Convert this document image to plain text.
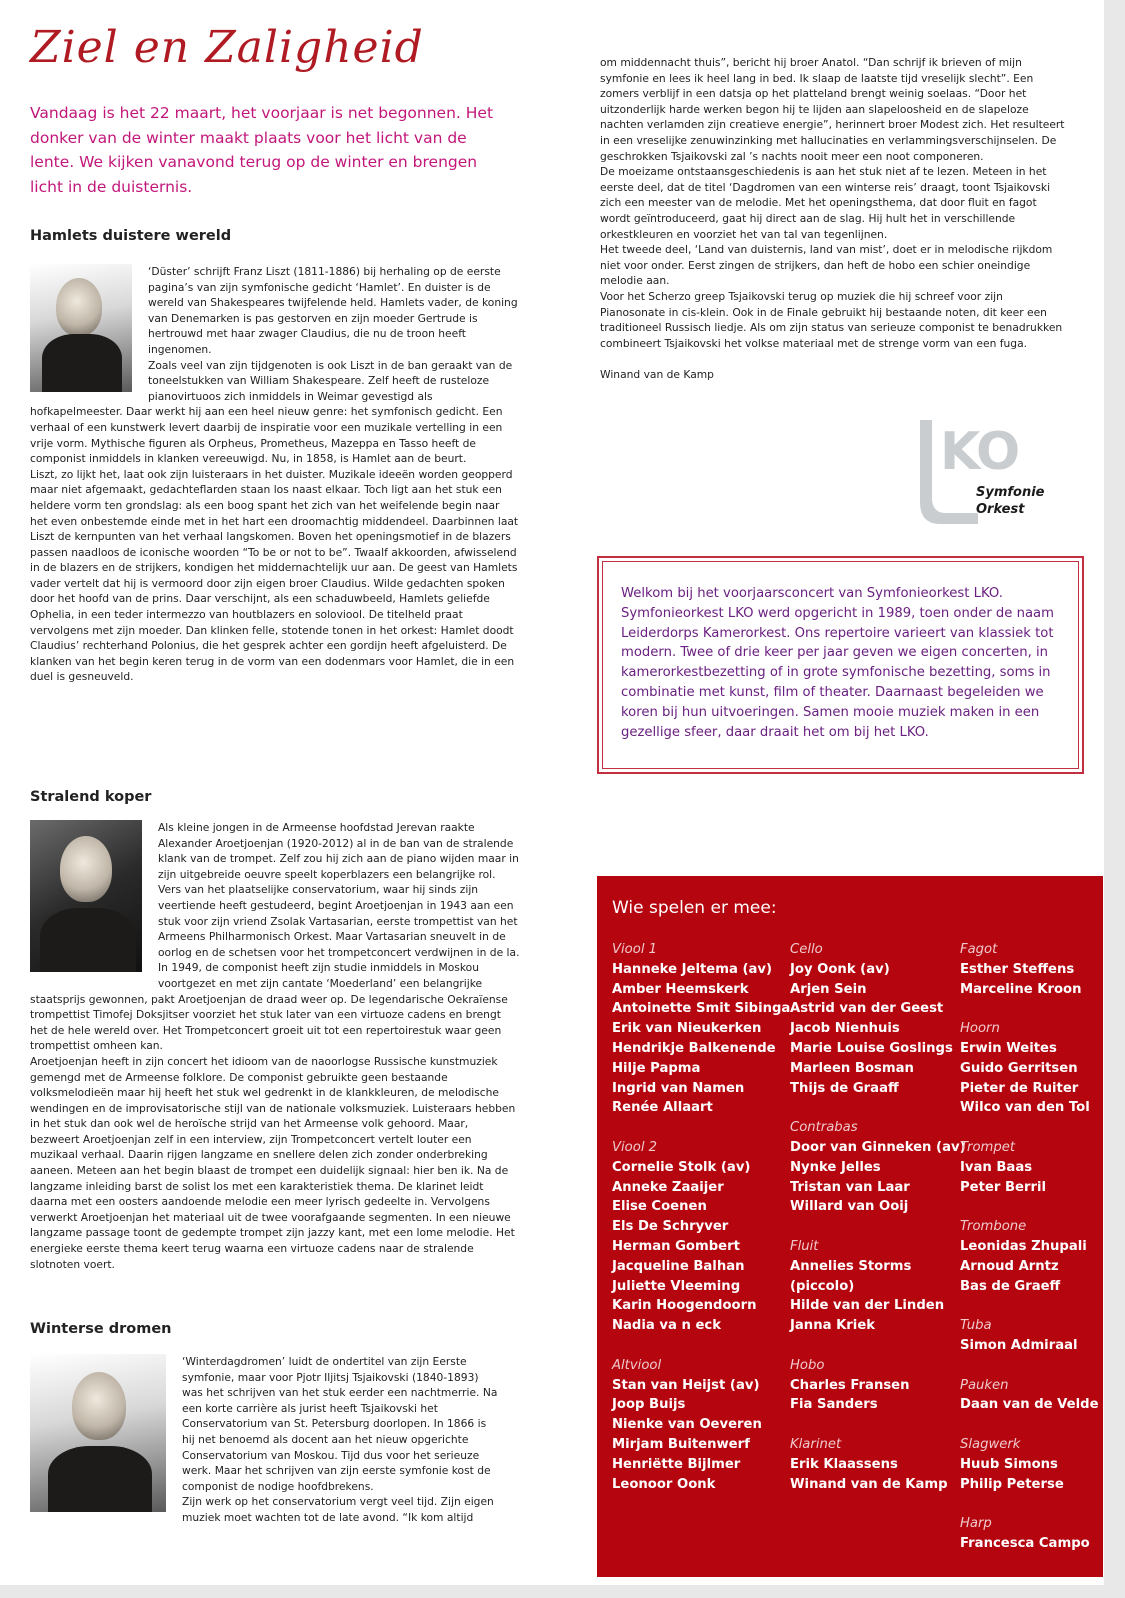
Ziel en Zaligheid
Vandaag is het 22 maart, het voorjaar is net begonnen. Het donker van de winter maakt plaats voor het licht van de lente. We kijken vanavond terug op de winter en brengen licht in de duisternis.
Hamlets duistere wereld

‘Düster’ schrijft Franz Liszt (1811-1886) bij herhaling op de eerste pagina’s van zijn symfonische gedicht ‘Hamlet’. En duister is de wereld van Shakespeares twijfelende held. Hamlets vader, de koning van Denemarken is pas gestorven en zijn moeder Gertrude is hertrouwd met haar zwager Claudius, die nu de troon heeft ingenomen.

Zoals veel van zijn tijdgenoten is ook Liszt in de ban geraakt van de toneelstukken van William Shakespeare. Zelf heeft de rusteloze pianovirtuoos zich inmiddels in Weimar gevestigd als hofkapelmeester. Daar werkt hij aan een heel nieuw genre: het symfonisch gedicht. Een verhaal of een kunstwerk levert daarbij de inspiratie voor een muzikale vertelling in een vrije vorm. Mythische figuren als Orpheus, Prometheus, Mazeppa en Tasso heeft de componist inmiddels in klanken vereeuwigd. Nu, in 1858, is Hamlet aan de beurt.

Liszt, zo lijkt het, laat ook zijn luisteraars in het duister. Muzikale ideeën worden geopperd maar niet afgemaakt, gedachteflarden staan los naast elkaar. Toch ligt aan het stuk een heldere vorm ten grondslag: als een boog spant het zich van het weifelende begin naar het even onbestemde einde met in het hart een droomachtig middendeel. Daarbinnen laat Liszt de kernpunten van het verhaal langskomen. Boven het openingsmotief in de blazers passen naadloos de iconische woorden “To be or not to be”. Twaalf akkoorden, afwisselend in de blazers en de strijkers, kondigen het middernachtelijk uur aan. De geest van Hamlets vader vertelt dat hij is vermoord door zijn eigen broer Claudius. Wilde gedachten spoken door het hoofd van de prins. Daar verschijnt, als een schaduwbeeld, Hamlets geliefde Ophelia, in een teder intermezzo van houtblazers en soloviool. De titelheld praat vervolgens met zijn moeder. Dan klinken felle, stotende tonen in het orkest: Hamlet doodt Claudius’ rechterhand Polonius, die het gesprek achter een gordijn heeft afgeluisterd. De klanken van het begin keren terug in de vorm van een dodenmars voor Hamlet, die in een duel is gesneuveld.

Stralend koper

Als kleine jongen in de Armeense hoofdstad Jerevan raakte Alexander Aroetjoenjan (1920-2012) al in de ban van de stralende klank van de trompet. Zelf zou hij zich aan de piano wijden maar in zijn uitgebreide oeuvre speelt koperblazers een belangrijke rol.

Vers van het plaatselijke conservatorium, waar hij sinds zijn veertiende heeft gestudeerd, begint Aroetjoenjan in 1943 aan een stuk voor zijn vriend Zsolak Vartasarian, eerste trompettist van het Armeens Philharmonisch Orkest. Maar Vartasarian sneuvelt in de oorlog en de schetsen voor het trompetconcert verdwijnen in de la. In 1949, de componist heeft zijn studie inmiddels in Moskou voortgezet en met zijn cantate ‘Moederland’ een belangrijke staatsprijs gewonnen, pakt Aroetjoenjan de draad weer op. De legendarische Oekraïense trompettist Timofej Doksjitser voorziet het stuk later van een virtuoze cadens en brengt het de hele wereld over. Het Trompetconcert groeit uit tot een repertoirestuk waar geen trompettist omheen kan.

Aroetjoenjan heeft in zijn concert het idioom van de naoorlogse Russische kunstmuziek gemengd met de Armeense folklore. De componist gebruikte geen bestaande volksmelodieën maar hij heeft het stuk wel gedrenkt in de klankkleuren, de melodische wendingen en de improvisatorische stijl van de nationale volksmuziek. Luisteraars hebben in het stuk dan ook wel de heroïsche strijd van het Armeense volk gehoord. Maar, bezweert Aroetjoenjan zelf in een interview, zijn Trompetconcert vertelt louter een muzikaal verhaal. Daarin rijgen langzame en snellere delen zich zonder onderbreking aaneen. Meteen aan het begin blaast de trompet een duidelijk signaal: hier ben ik. Na de langzame inleiding barst de solist los met een karakteristiek thema. De klarinet leidt daarna met een oosters aandoende melodie een meer lyrisch gedeelte in. Vervolgens verwerkt Aroetjoenjan het materiaal uit de twee voorafgaande segmenten. In een nieuwe langzame passage toont de gedempte trompet zijn jazzy kant, met een lome melodie. Het energieke eerste thema keert terug waarna een virtuoze cadens naar de stralende slotnoten voert.

Winterse dromen

‘Winterdagdromen’ luidt de ondertitel van zijn Eerste symfonie, maar voor Pjotr Iljitsj Tsjaikovski (1840-1893) was het schrijven van het stuk eerder een nachtmerrie. Na een korte carrière als jurist heeft Tsjaikovski het Conservatorium van St. Petersburg doorlopen. In 1866 is hij net benoemd als docent aan het nieuw opgerichte Conservatorium van Moskou. Tijd dus voor het serieuze werk. Maar het schrijven van zijn eerste symfonie kost de componist de nodige hoofdbrekens.

Zijn werk op het conservatorium vergt veel tijd. Zijn eigen muziek moet wachten tot de late avond. “Ik kom altijd

om middennacht thuis”, bericht hij broer Anatol. “Dan schrijf ik brieven of mijn symfonie en lees ik heel lang in bed. Ik slaap de laatste tijd vreselijk slecht”. Een zomers verblijf in een datsja op het platteland brengt weinig soelaas. “Door het uitzonderlijk harde werken begon hij te lijden aan slapeloosheid en de slapeloze nachten verlamden zijn creatieve energie”, herinnert broer Modest zich. Het resulteert in een vreselijke zenuwinzinking met hallucinaties en verlammingsverschijnselen. De geschrokken Tsjaikovski zal ’s nachts nooit meer een noot componeren.

De moeizame ontstaansgeschiedenis is aan het stuk niet af te lezen. Meteen in het eerste deel, dat de titel ‘Dagdromen van een winterse reis’ draagt, toont Tsjaikovski zich een meester van de melodie. Met het openingsthema, dat door fluit en fagot wordt geïntroduceerd, gaat hij direct aan de slag. Hij hult het in verschillende orkestkleuren en voorziet het van tal van tegenlijnen.

Het tweede deel, ‘Land van duisternis, land van mist’, doet er in melodische rijkdom niet voor onder. Eerst zingen de strijkers, dan heft de hobo een schier oneindige melodie aan.

Voor het Scherzo greep Tsjaikovski terug op muziek die hij schreef voor zijn Pianosonate in cis-klein. Ook in de Finale gebruikt hij bestaande noten, dit keer een traditioneel Russisch liedje. Als om zijn status van serieuze componist te benadrukken combineert Tsjaikovski het volkse materiaal met de strenge vorm van een fuga.

Winand van de Kamp

KO
Symfonie
Orkest
Welkom bij het voorjaarsconcert van Symfonieorkest LKO. Symfonieorkest LKO werd opgericht in 1989, toen onder de naam Leiderdorps Kamerorkest. Ons repertoire varieert van klassiek tot modern. Twee of drie keer per jaar geven we eigen concerten, in kamerorkestbezetting of in grote symfonische bezetting, soms in combinatie met kunst, film of theater. Daarnaast begeleiden we koren bij hun uitvoeringen. Samen mooie muziek maken in een gezellige sfeer, daar draait het om bij het LKO.
Wie spelen er mee:
Viool 1
Hanneke Jeltema (av)
Amber Heemskerk
Antoinette Smit Sibinga
Erik van Nieukerken
Hendrikje Balkenende
Hilje Papma
Ingrid van Namen
Renée Allaart
Viool 2
Cornelie Stolk (av)
Anneke Zaaijer
Elise Coenen
Els De Schryver
Herman Gombert
Jacqueline Balhan
Juliette Vleeming
Karin Hoogendoorn
Nadia va n eck
Altviool
Stan van Heijst (av)
Joop Buijs
Nienke van Oeveren
Mirjam Buitenwerf
Henriëtte Bijlmer
Leonoor Oonk
Cello
Joy Oonk (av)
Arjen Sein
Astrid van der Geest
Jacob Nienhuis
Marie Louise Goslings
Marleen Bosman
Thijs de Graaff
Contrabas
Door van Ginneken (av)
Nynke Jelles
Tristan van Laar
Willard van Ooij
Fluit
Annelies Storms
(piccolo)
Hilde van der Linden
Janna Kriek
Hobo
Charles Fransen
Fia Sanders
Klarinet
Erik Klaassens
Winand van de Kamp
Fagot
Esther Steffens
Marceline Kroon
Hoorn
Erwin Weites
Guido Gerritsen
Pieter de Ruiter
Wilco van den Tol
Trompet
Ivan Baas
Peter Berril
Trombone
Leonidas Zhupali
Arnoud Arntz
Bas de Graeff
Tuba
Simon Admiraal
Pauken
Daan van de Velde
Slagwerk
Huub Simons
Philip Peterse
Harp
Francesca Campo
